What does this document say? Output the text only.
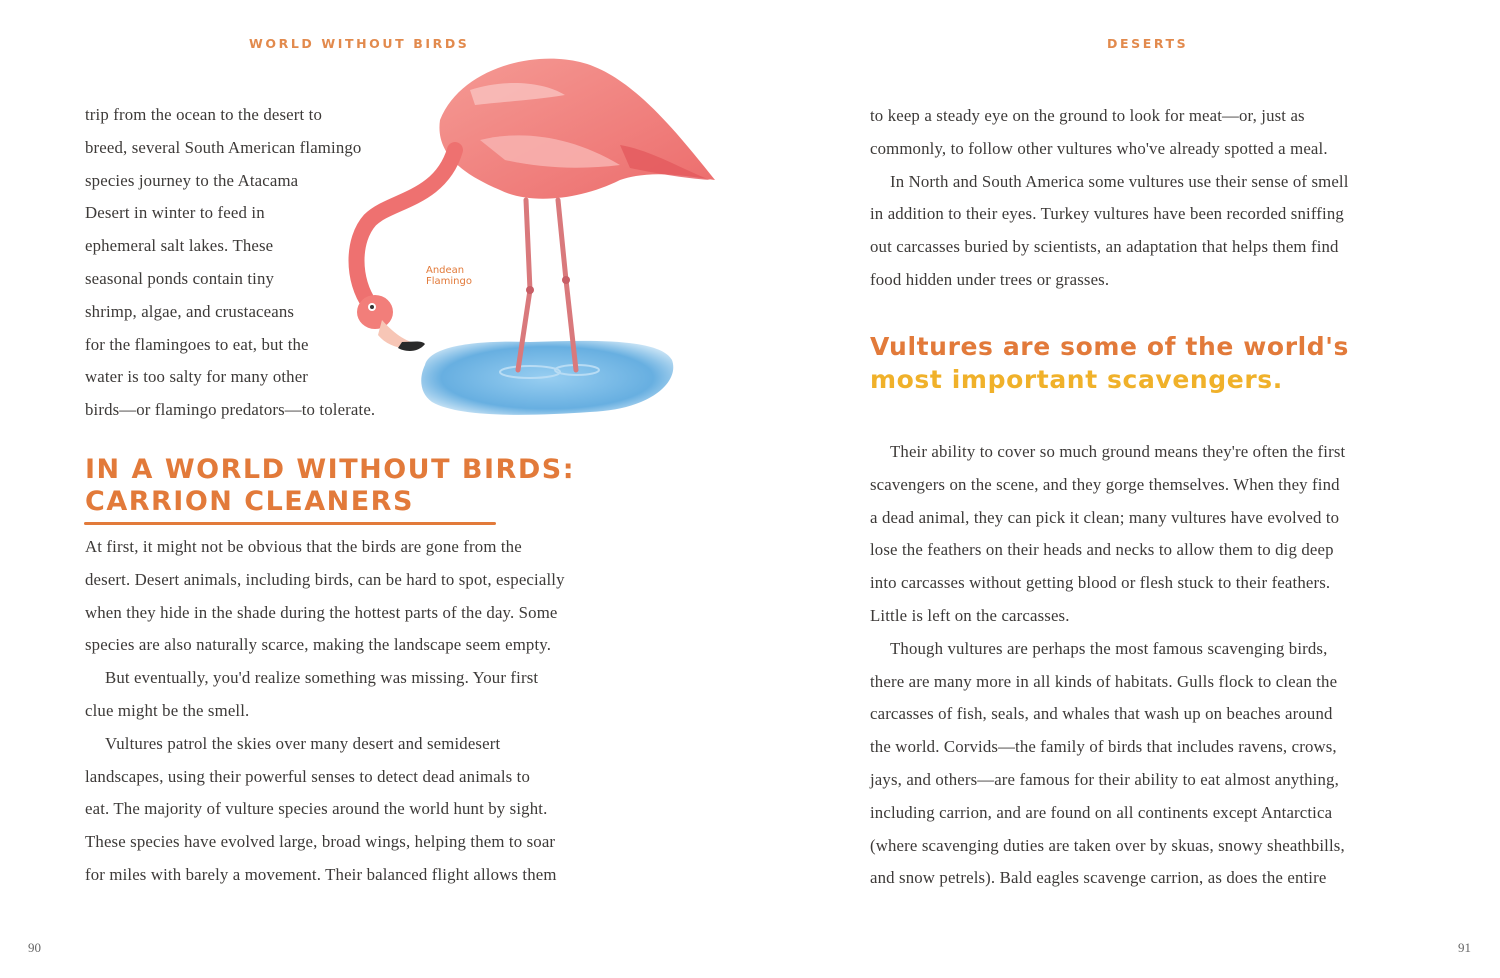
WORLD WITHOUT BIRDS
trip from the ocean to the desert to
breed, several South American flamingo
species journey to the Atacama
Desert in winter to feed in
ephemeral salt lakes. These
seasonal ponds contain tiny
shrimp, algae, and crustaceans
for the flamingoes to eat, but the
water is too salty for many other
birds—or flamingo predators—to tolerate.
Andean
Flamingo
IN A WORLD WITHOUT BIRDS:
CARRION CLEANERS
At first, it might not be obvious that the birds are gone from the
desert. Desert animals, including birds, can be hard to spot, especially
when they hide in the shade during the hottest parts of the day. Some
species are also naturally scarce, making the landscape seem empty.
But eventually, you'd realize something was missing. Your first
clue might be the smell.
Vultures patrol the skies over many desert and semidesert
landscapes, using their powerful senses to detect dead animals to
eat. The majority of vulture species around the world hunt by sight.
These species have evolved large, broad wings, helping them to soar
for miles with barely a movement. Their balanced flight allows them
90
DESERTS
to keep a steady eye on the ground to look for meat—or, just as
commonly, to follow other vultures who've already spotted a meal.
In North and South America some vultures use their sense of smell
in addition to their eyes. Turkey vultures have been recorded sniffing
out carcasses buried by scientists, an adaptation that helps them find
food hidden under trees or grasses.
Vultures are some of the world's
most important scavengers.
Their ability to cover so much ground means they're often the first
scavengers on the scene, and they gorge themselves. When they find
a dead animal, they can pick it clean; many vultures have evolved to
lose the feathers on their heads and necks to allow them to dig deep
into carcasses without getting blood or flesh stuck to their feathers.
Little is left on the carcasses.
Though vultures are perhaps the most famous scavenging birds,
there are many more in all kinds of habitats. Gulls flock to clean the
carcasses of fish, seals, and whales that wash up on beaches around
the world. Corvids—the family of birds that includes ravens, crows,
jays, and others—are famous for their ability to eat almost anything,
including carrion, and are found on all continents except Antarctica
(where scavenging duties are taken over by skuas, snowy sheathbills,
and snow petrels). Bald eagles scavenge carrion, as does the entire
91
